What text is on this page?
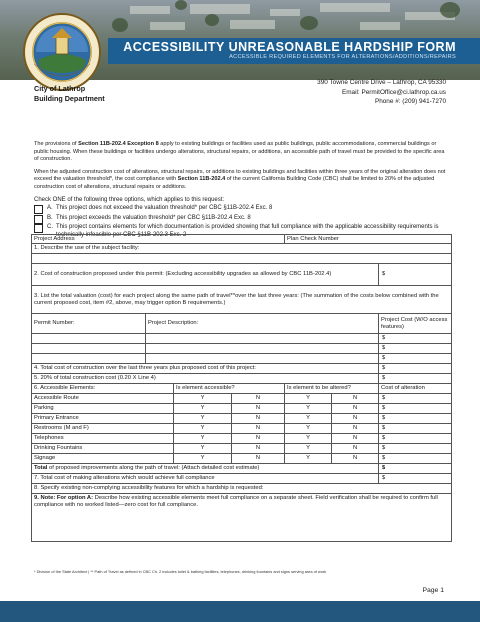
ACCESSIBILITY UNREASONABLE HARDSHIP FORM
ACCESSIBLE REQUIRED ELEMENTS FOR ALTERATIONS/ADDITIONS/REPAIRS
City of Lathrop
Building Department
390 Towne Centre Drive – Lathrop, CA 95330
Email: PermitOffice@ci.lathrop.ca.us
Phone #: (209) 941-7270

The provisions of Section 11B-202.4 Exception 8 apply to existing buildings or facilities used as public buildings, public accommodations, commercial buildings or public housing. When these buildings or facilities undergo alterations, structural repairs, or additions, an accessible path of travel must be provided to the specific area of construction.

When the adjusted construction cost of alterations, structural repairs, or additions to existing buildings and facilities within three years of the original alteration does not exceed the valuation threshold*, the cost compliance with Section 11B-202.4 of the current California Building Code (CBC) shall be limited to 20% of the adjusted construction cost of alterations, structural repairs or additions.

Check ONE of the following three options, which applies to this request:
A. This project does not exceed the valuation threshold* per CBC §11B-202.4 Exc. 8
B. This project exceeds the valuation threshold* per CBC §11B-202.4 Exc. 8
C. This project contains elements for which documentation is provided showing that full compliance with the applicable accessibility requirements is technically infeasible per CBC §11B-202.3 Exc. 2
Project Address				Plan Check Number		
1. Describe the use of the subject facility:						

2. Cost of construction proposed under this permit: (Excluding accessibility upgrades as allowed by CBC 11B-202.4)						$
3. List the total valuation (cost) for each project along the same path of travel**over the last three years: (The summation of the costs below combined with the current proposed cost, item #2, above, may trigger option B requirements.)						
Permit Number:	Project Description:					Project Cost (W/O access features)
						$
						$
						$
4. Total cost of construction over the last three years plus proposed cost of this project:						$
5. 20% of total construction cost (0.20 X Line 4)						$
6. Accessible Elements:		Is element accessible?		Is element to be altered?		Cost of alteration
Accessible Route		Y	N	Y	N	$
Parking		Y	N	Y	N	$
Primary Entrance		Y	N	Y	N	$
Restrooms (M and F)		Y	N	Y	N	$
Telephones		Y	N	Y	N	$
Drinking Fountains		Y	N	Y	N	$
Signage		Y	N	Y	N	$
Total of proposed improvements along the path of travel: (Attach detailed cost estimate)						$
7. Total cost of making alterations which would achieve full compliance						$
8. Specify existing non-complying accessibility features for which a hardship is requested:						
9. Note: For option A: Describe how existing accessible elements meet full compliance on a separate sheet. Field verification shall be required to confirm full compliance with no worked listed—zero cost for full compliance.						
* Division of the State Architect | ** Path of Travel as defined in CBC Ch. 2 includes toilet & bathing facilities, telephones, drinking fountains and signs serving area of work
Page 1
